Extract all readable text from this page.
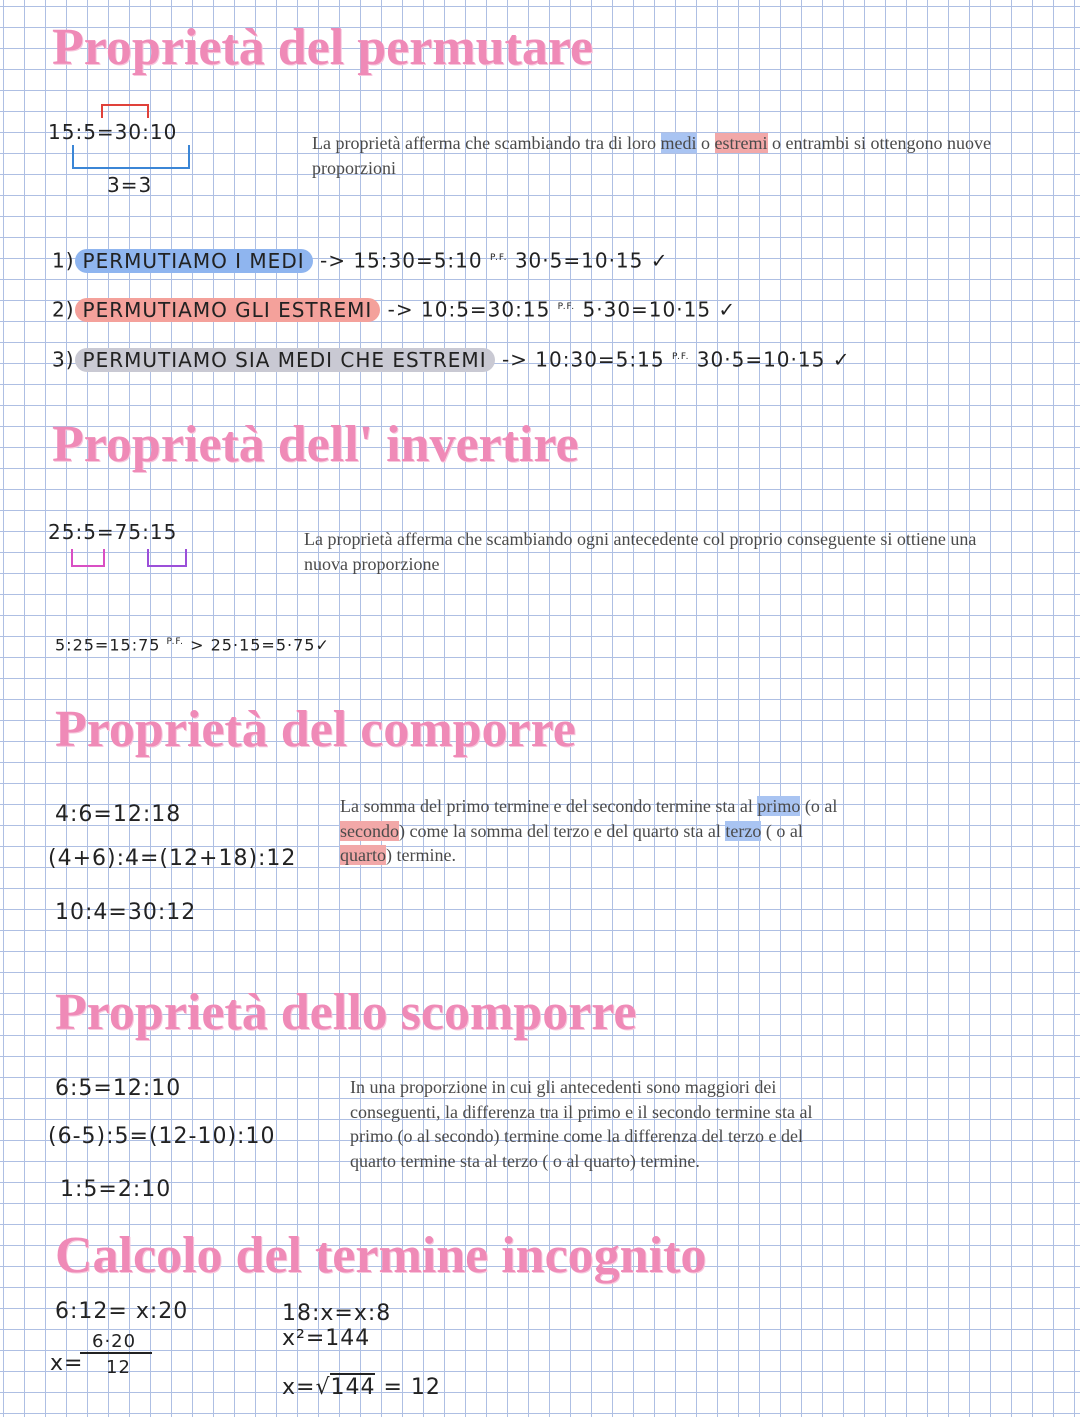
Proprietà del permutare

15:5=30:10

3=3

La proprietà afferma che scambiando tra di loro medi o estremi o entrambi si ottengono nuove proporzioni

1) PERMUTIAMO I MEDI -> 15:30=5:10 $^{P.F.}$ 30·5=10·15 ✓
2) PERMUTIAMO GLI ESTREMI -> 10:5=30:15 $^{P.F.}$ 5·30=10·15 ✓
3) PERMUTIAMO SIA MEDI CHE ESTREMI -> 10:30=5:15 $^{P.F.}$ 30·5=10·15 ✓
Proprietà dell' invertire

25:5=75:15	La proprietà afferma che scambiando ogni antecedente col proprio conseguente si ottiene una nuova proporzione

5:25=15:75 $^{P.F.}$ > 25·15=5·75✓
Proprietà del comporre

4:6=12:18

(4+6):4=(12+18):12

10:4=30:12

La somma del primo termine e del secondo termine sta al primo (o al secondo) come la somma del terzo e del quarto sta al terzo ( o al quarto) termine.

Proprietà dello scomporre

6:5=12:10

(6-5):5=(12-10):10

1:5=2:10

In una proporzione in cui gli antecedenti sono maggiori dei conseguenti, la differenza tra il primo e il secondo termine sta al primo (o al secondo) termine come la differenza del terzo e del quarto termine sta al terzo ( o al quarto) termine.

Calcolo del termine incognito

6:12= x:20

6·20

x= 12

18:x=x:8

x²=144

x=√144 = 12
